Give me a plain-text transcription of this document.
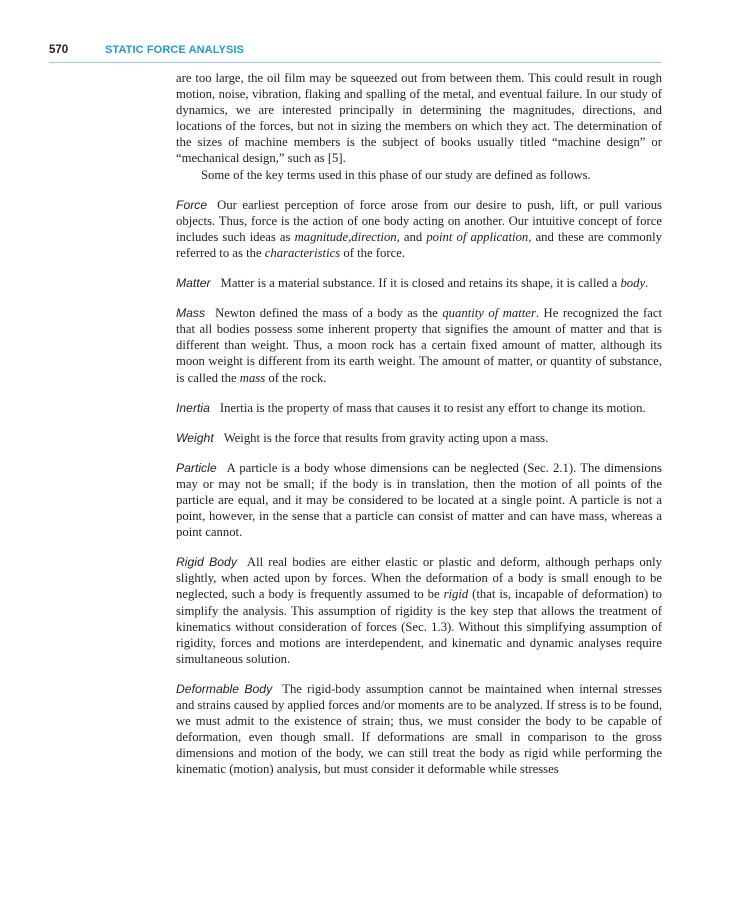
570	STATIC FORCE ANALYSIS

are too large, the oil film may be squeezed out from between them. This could result in rough motion, noise, vibration, flaking and spalling of the metal, and eventual failure. In our study of dynamics, we are interested principally in determining the magnitudes, directions, and locations of the forces, but not in sizing the members on which they act. The determination of the sizes of machine members is the subject of books usually titled “machine design” or “mechanical design,” such as [5].

Some of the key terms used in this phase of our study are defined as follows.

Force Our earliest perception of force arose from our desire to push, lift, or pull various objects. Thus, force is the action of one body acting on another. Our intuitive concept of force includes such ideas as magnitude,direction, and point of application, and these are commonly referred to as the characteristics of the force.

Matter Matter is a material substance. If it is closed and retains its shape, it is called a body.

Mass Newton defined the mass of a body as the quantity of matter. He recognized the fact that all bodies possess some inherent property that signifies the amount of matter and that is different than weight. Thus, a moon rock has a certain fixed amount of matter, although its moon weight is different from its earth weight. The amount of matter, or quantity of substance, is called the mass of the rock.

Inertia Inertia is the property of mass that causes it to resist any effort to change its motion.

Weight Weight is the force that results from gravity acting upon a mass.

Particle A particle is a body whose dimensions can be neglected (Sec. 2.1). The dimensions may or may not be small; if the body is in translation, then the motion of all points of the particle are equal, and it may be considered to be located at a single point. A particle is not a point, however, in the sense that a particle can consist of matter and can have mass, whereas a point cannot.

Rigid Body All real bodies are either elastic or plastic and deform, although perhaps only slightly, when acted upon by forces. When the deformation of a body is small enough to be neglected, such a body is frequently assumed to be rigid (that is, incapable of deformation) to simplify the analysis. This assumption of rigidity is the key step that allows the treatment of kinematics without consideration of forces (Sec. 1.3). Without this simplifying assumption of rigidity, forces and motions are interdependent, and kinematic and dynamic analyses require simultaneous solution.

Deformable Body The rigid-body assumption cannot be maintained when internal stresses and strains caused by applied forces and/or moments are to be analyzed. If stress is to be found, we must admit to the existence of strain; thus, we must consider the body to be capable of deformation, even though small. If deformations are small in comparison to the gross dimensions and motion of the body, we can still treat the body as rigid while performing the kinematic (motion) analysis, but must consider it deformable while stresses
